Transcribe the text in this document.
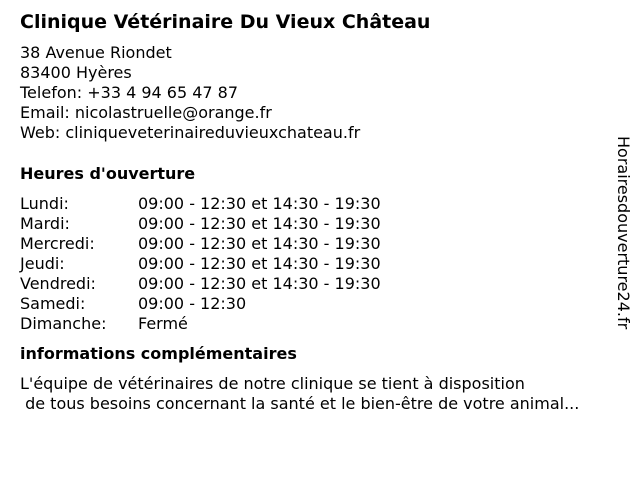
Clinique Vétérinaire Du Vieux Château
38 Avenue Riondet
83400 Hyères
Telefon: +33 4 94 65 47 87
Email: nicolastruelle@orange.fr
Web: cliniqueveterinaireduvieuxchateau.fr
Heures d'ouverture
Lundi:	09:00 - 12:30 et 14:30 - 19:30
Mardi:	09:00 - 12:30 et 14:30 - 19:30
Mercredi:	09:00 - 12:30 et 14:30 - 19:30
Jeudi:	09:00 - 12:30 et 14:30 - 19:30
Vendredi:	09:00 - 12:30 et 14:30 - 19:30
Samedi:	09:00 - 12:30
Dimanche:	Fermé
informations complémentaires
L'équipe de vétérinaires de notre clinique se tient à disposition
de tous besoins concernant la santé et le bien-être de votre animal...
Horairesdouverture24.fr
